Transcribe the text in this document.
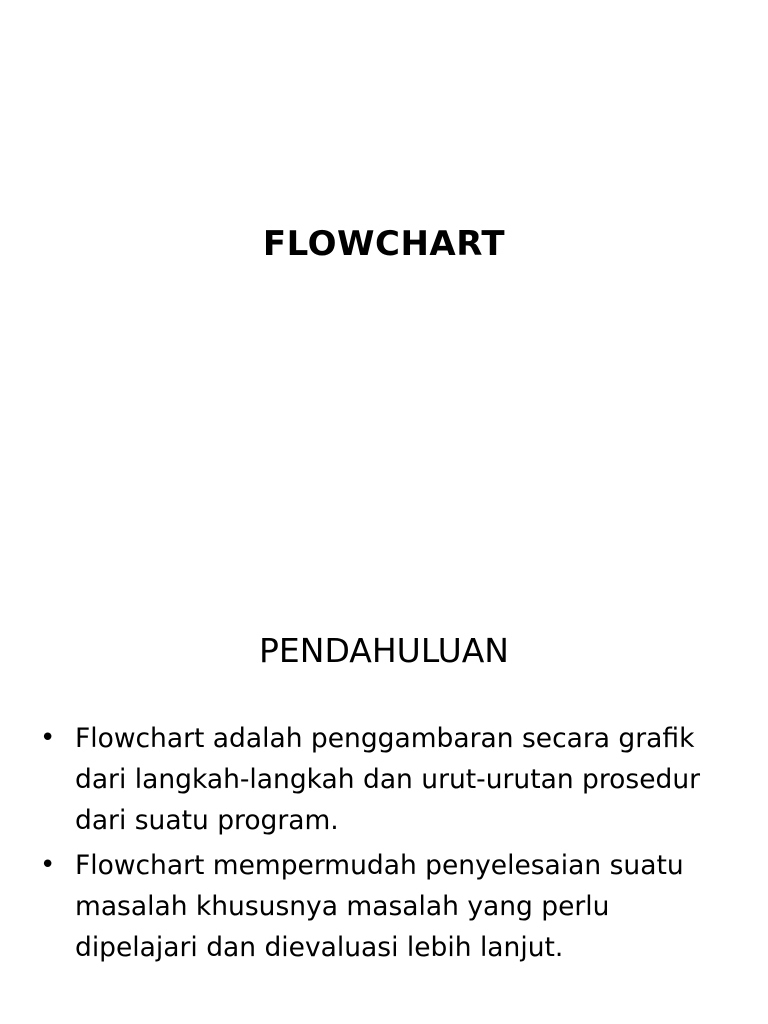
FLOWCHART
PENDAHULUAN
• Flowchart adalah penggambaran secara grafik dari langkah-langkah dan urut-urutan prosedur dari suatu program.
• Flowchart mempermudah penyelesaian suatu masalah khususnya masalah yang perlu dipelajari dan dievaluasi lebih lanjut.
